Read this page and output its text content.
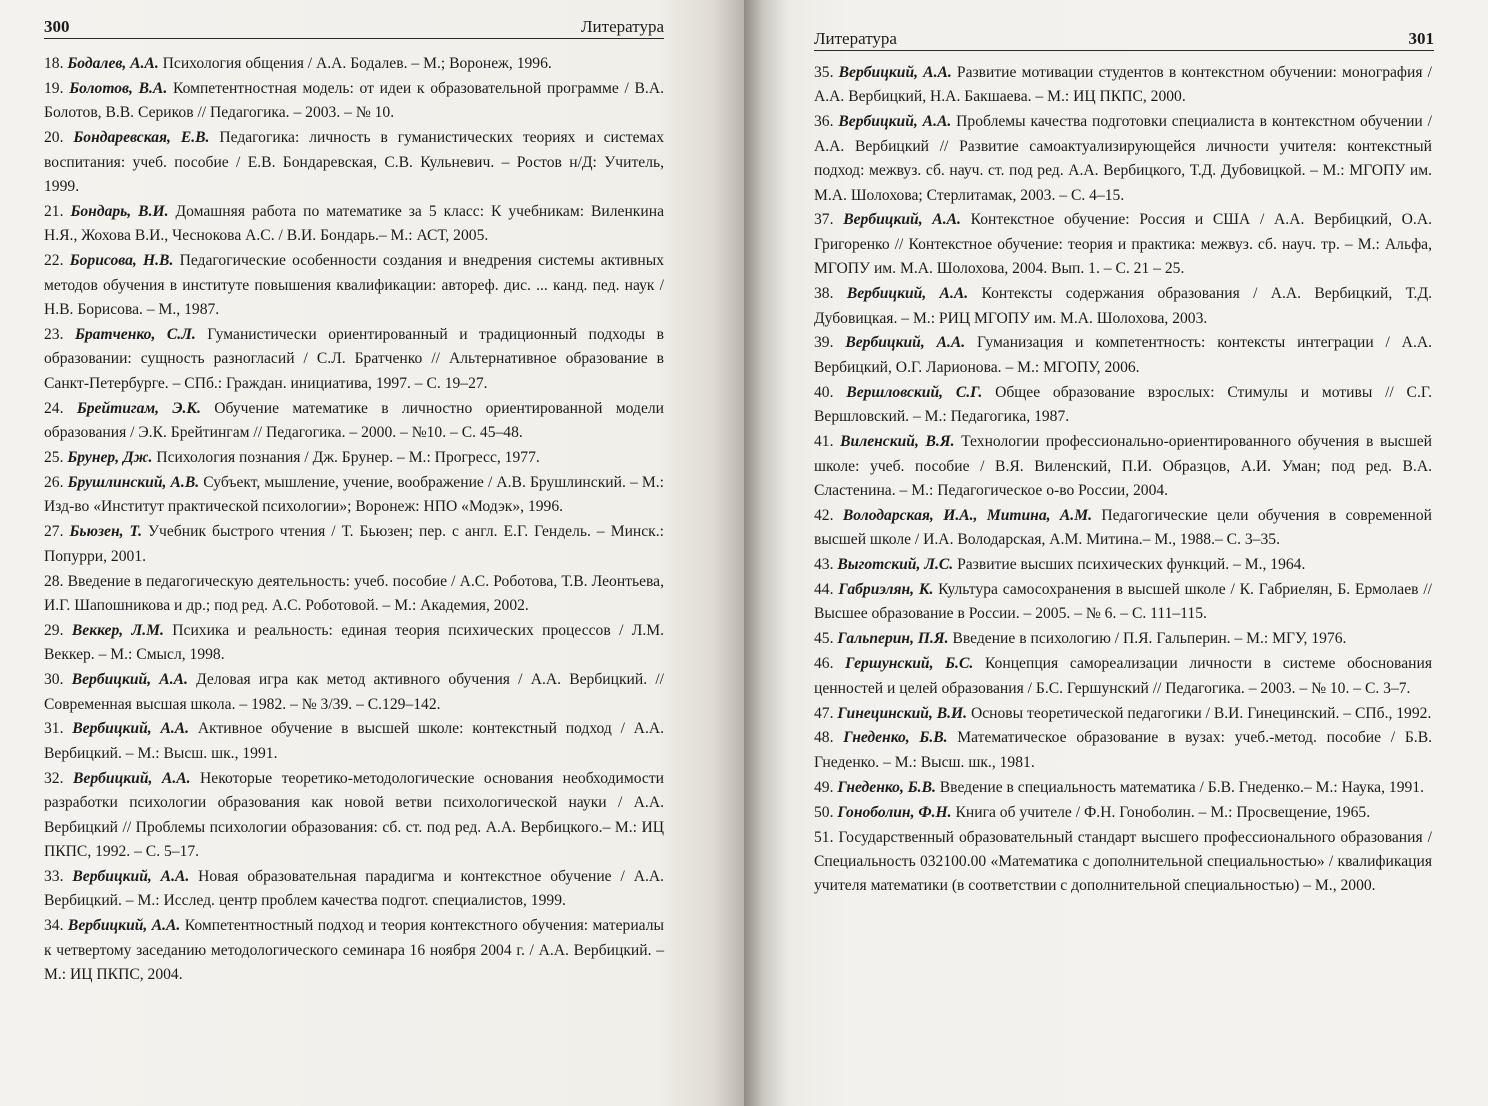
300	Литература

18. Бодалев, А.А. Психология общения / А.А. Бодалев. – М.; Воронеж, 1996.

19. Болотов, В.А. Компетентностная модель: от идеи к образовательной программе / В.А. Болотов, В.В. Сериков // Педагогика. – 2003. – № 10.

20. Бондаревская, Е.В. Педагогика: личность в гуманистических теориях и системах воспитания: учеб. пособие / Е.В. Бондаревская, С.В. Кульневич. – Ростов н/Д: Учитель, 1999.

21. Бондарь, В.И. Домашняя работа по математике за 5 класс: К учебникам: Виленкина Н.Я., Жохова В.И., Чеснокова А.С. / В.И. Бондарь.– М.: АСТ, 2005.

22. Борисова, Н.В. Педагогические особенности создания и внедрения системы активных методов обучения в институте повышения квалификации: автореф. дис. ... канд. пед. наук / Н.В. Борисова. – М., 1987.

23. Братченко, С.Л. Гуманистически ориентированный и традиционный подходы в образовании: сущность разногласий / С.Л. Братченко // Альтернативное образование в Санкт-Петербурге. – СПб.: Граждан. инициатива, 1997. – С. 19–27.

24. Брейтигам, Э.К. Обучение математике в личностно ориентированной модели образования / Э.К. Брейтингам // Педагогика. – 2000. – №10. – С. 45–48.

25. Брунер, Дж. Психология познания / Дж. Брунер. – М.: Прогресс, 1977.

26. Брушлинский, А.В. Субъект, мышление, учение, воображение / А.В. Брушлинский. – М.: Изд-во «Институт практической психологии»; Воронеж: НПО «Модэк», 1996.

27. Бьюзен, Т. Учебник быстрого чтения / Т. Бьюзен; пер. с англ. Е.Г. Гендель. – Минск.: Попурри, 2001.

28. Введение в педагогическую деятельность: учеб. пособие / А.С. Роботова, Т.В. Леонтьева, И.Г. Шапошникова и др.; под ред. А.С. Роботовой. – М.: Академия, 2002.

29. Веккер, Л.М. Психика и реальность: единая теория психических процессов / Л.М. Веккер. – М.: Смысл, 1998.

30. Вербицкий, А.А. Деловая игра как метод активного обучения / А.А. Вербицкий. // Современная высшая школа. – 1982. – № 3/39. – С.129–142.

31. Вербицкий, А.А. Активное обучение в высшей школе: контекстный подход / А.А. Вербицкий. – М.: Высш. шк., 1991.

32. Вербицкий, А.А. Некоторые теоретико-методологические основания необходимости разработки психологии образования как новой ветви психологической науки / А.А. Вербицкий // Проблемы психологии образования: сб. ст. под ред. А.А. Вербицкого.– М.: ИЦ ПКПС, 1992. – С. 5–17.

33. Вербицкий, А.А. Новая образовательная парадигма и контекстное обучение / А.А. Вербицкий. – М.: Исслед. центр проблем качества подгот. специалистов, 1999.

34. Вербицкий, А.А. Компетентностный подход и теория контекстного обучения: материалы к четвертому заседанию методологического семинара 16 ноября 2004 г. / А.А. Вербицкий. – М.: ИЦ ПКПС, 2004.

Литература	301

35. Вербицкий, А.А. Развитие мотивации студентов в контекстном обучении: монография /А.А. Вербицкий, Н.А. Бакшаева. – М.: ИЦ ПКПС, 2000.

36. Вербицкий, А.А. Проблемы качества подготовки специалиста в контекстном обучении / А.А. Вербицкий // Развитие самоактуализирующейся личности учителя: контекстный подход: межвуз. сб. науч. ст. под ред. А.А. Вербицкого, Т.Д. Дубовицкой. – М.: МГОПУ им. М.А. Шолохова; Стерлитамак, 2003. – С. 4–15.

37. Вербицкий, А.А. Контекстное обучение: Россия и США / А.А. Вербицкий, О.А. Григоренко // Контекстное обучение: теория и практика: межвуз. сб. науч. тр. – М.: Альфа, МГОПУ им. М.А. Шолохова, 2004. Вып. 1. – С. 21 – 25.

38. Вербицкий, А.А. Контексты содержания образования / А.А. Вербицкий, Т.Д. Дубовицкая. – М.: РИЦ МГОПУ им. М.А. Шолохова, 2003.

39. Вербицкий, А.А. Гуманизация и компетентность: контексты интеграции / А.А. Вербицкий, О.Г. Ларионова. – М.: МГОПУ, 2006.

40. Вершловский, С.Г. Общее образование взрослых: Стимулы и мотивы // С.Г. Вершловский. – М.: Педагогика, 1987.

41. Виленский, В.Я. Технологии профессионально-ориентированного обучения в высшей школе: учеб. пособие / В.Я. Виленский, П.И. Образцов, А.И. Уман; под ред. В.А. Сластенина. – М.: Педагогическое о-во России, 2004.

42. Володарская, И.А., Митина, А.М. Педагогические цели обучения в современной высшей школе / И.А. Володарская, А.М. Митина.– М., 1988.– С. 3–35.

43. Выготский, Л.С. Развитие высших психических функций. – М., 1964.

44. Габриэлян, К. Культура самосохранения в высшей школе / К. Габриелян, Б. Ермолаев // Высшее образование в России. – 2005. – № 6. – С. 111–115.

45. Гальперин, П.Я. Введение в психологию / П.Я. Гальперин. – М.: МГУ, 1976.

46. Гершунский, Б.С. Концепция самореализации личности в системе обоснования ценностей и целей образования / Б.С. Гершунский // Педагогика. – 2003. – № 10. – С. 3–7.

47. Гинецинский, В.И. Основы теоретической педагогики / В.И. Гинецинский. – СПб., 1992.

48. Гнеденко, Б.В. Математическое образование в вузах: учеб.-метод. пособие / Б.В. Гнеденко. – М.: Высш. шк., 1981.

49. Гнеденко, Б.В. Введение в специальность математика / Б.В. Гнеденко.– М.: Наука, 1991.

50. Гоноболин, Ф.Н. Книга об учителе / Ф.Н. Гоноболин. – М.: Просвещение, 1965.

51. Государственный образовательный стандарт высшего профессионального образования / Специальность 032100.00 «Математика с дополнительной специальностью» / квалификация учителя математики (в соответствии с дополнительной специальностью) – М., 2000.
